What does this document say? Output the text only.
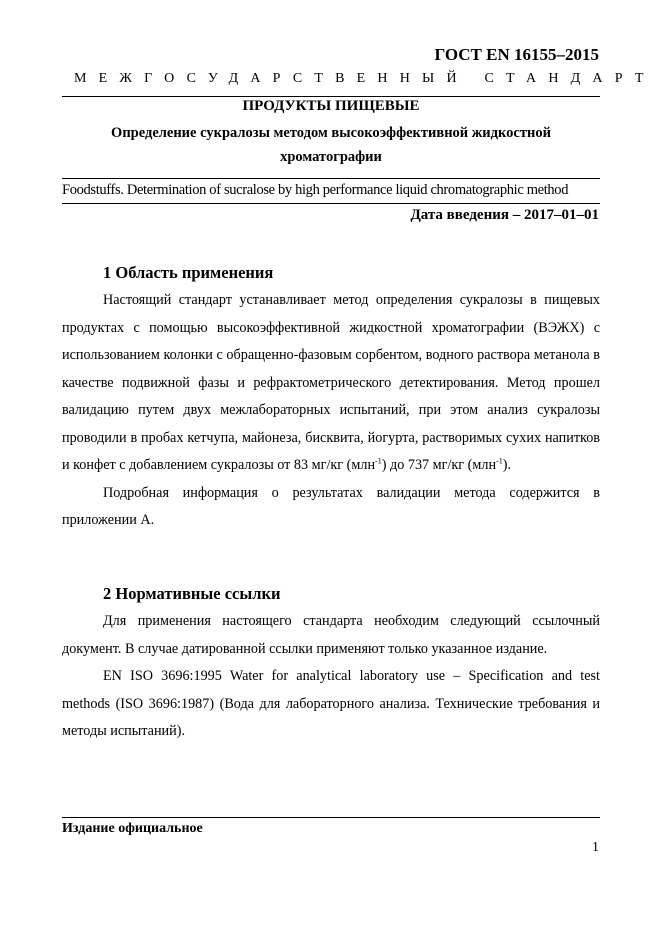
ГОСТ EN 16155–2015
МЕЖГОСУДАРСТВЕННЫЙ СТАНДАРТ
ПРОДУКТЫ ПИЩЕВЫЕ
Определение сукралозы методом высокоэффективной жидкостной
хроматографии
Foodstuffs. Determination of sucralose by high performance liquid chromatographic method
Дата введения – 2017–01–01
1 Область применения

Настоящий стандарт устанавливает метод определения сукралозы в пищевых продуктах с помощью высокоэффективной жидкостной хроматографии (ВЭЖХ) с использованием колонки с обращенно-фазовым сорбентом, водного раствора метанола в качестве подвижной фазы и рефрактометрического детектирования. Метод прошел валидацию путем двух межлабораторных испытаний, при этом анализ сукралозы проводили в пробах кетчупа, майонеза, бисквита, йогурта, растворимых сухих напитков и конфет с добавлением сукралозы от 83 мг/кг (млн$^{-1}$) до 737 мг/кг (млн$^{-1}$).

Подробная информация о результатах валидации метода содержится в приложении А.

2 Нормативные ссылки

Для применения настоящего стандарта необходим следующий ссылочный документ. В случае датированной ссылки применяют только указанное издание.

EN ISO 3696:1995 Water for analytical laboratory use – Specification and test methods (ISO 3696:1987) (Вода для лабораторного анализа. Технические требования и методы испытаний).

Издание официальное
1
